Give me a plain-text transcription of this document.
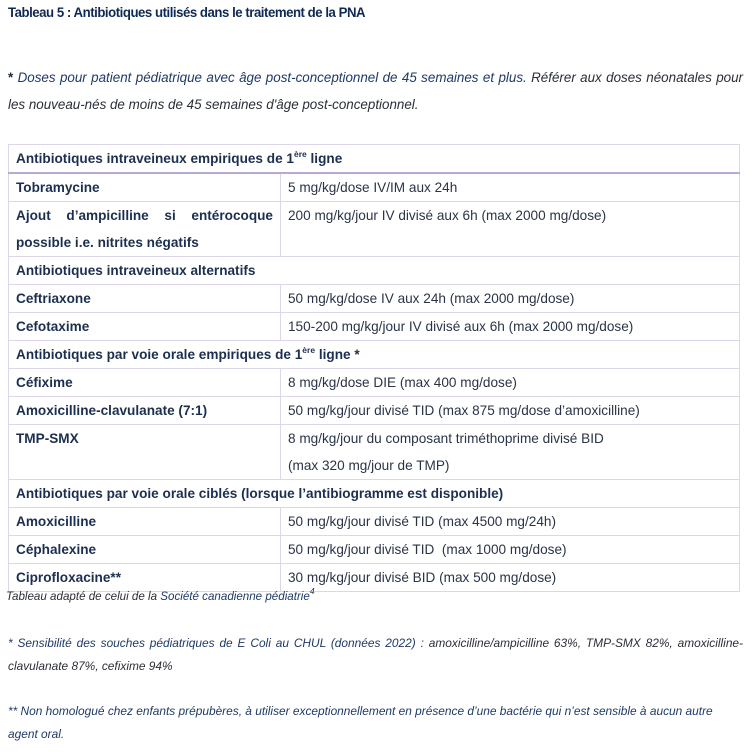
Tableau 5 : Antibiotiques utilisés dans le traitement de la PNA
* Doses pour patient pédiatrique avec âge post-conceptionnel de 45 semaines et plus. Référer aux doses néonatales pour les nouveau-nés de moins de 45 semaines d'âge post-conceptionnel.
Antibiotiques intraveineux empiriques de 1ère ligne	
Tobramycine	5 mg/kg/dose IV/IM aux 24h
Ajout d’ampicilline si entérocoque possible i.e. nitrites négatifs	200 mg/kg/jour IV divisé aux 6h (max 2000 mg/dose)
Antibiotiques intraveineux alternatifs	
Ceftriaxone	50 mg/kg/dose IV aux 24h (max 2000 mg/dose)
Cefotaxime	150-200 mg/kg/jour IV divisé aux 6h (max 2000 mg/dose)
Antibiotiques par voie orale empiriques de 1ère ligne *	
Céfixime	8 mg/kg/dose DIE (max 400 mg/dose)
Amoxicilline-clavulanate (7:1)	50 mg/kg/jour divisé TID (max 875 mg/dose d’amoxicilline)
TMP-SMX	8 mg/kg/jour du composant triméthoprime divisé BID
(max 320 mg/jour de TMP)

Antibiotiques par voie orale ciblés (lorsque l’antibiogramme est disponible)	
Amoxicilline	50 mg/kg/jour divisé TID (max 4500 mg/24h)
Céphalexine	50 mg/kg/jour divisé TID  (max 1000 mg/dose)
Ciprofloxacine**	30 mg/kg/jour divisé BID (max 500 mg/dose)
Tableau adapté de celui de la Société canadienne pédiatrie$^4$
* Sensibilité des souches pédiatriques de E Coli au CHUL (données 2022) : amoxicilline/ampicilline 63%, TMP-SMX 82%, amoxicilline-clavulanate 87%, cefixime 94%
** Non homologué chez enfants prépubères, à utiliser exceptionnellement en présence d’une bactérie qui n’est sensible à aucun autre agent oral.
